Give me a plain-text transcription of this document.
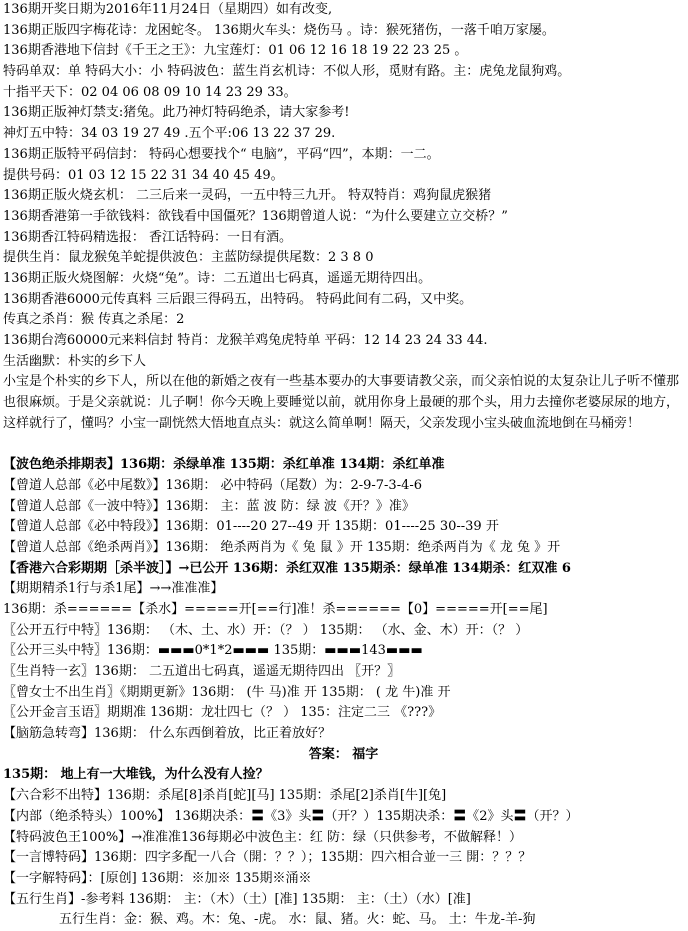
136期开奖日期为2016年11月24日（星期四）如有改变,
136期正版四字梅花诗：龙困蛇冬。 136期火车头：烧伤马 。诗：猴死猪伤，一落千咱万家屡。
136期香港地下信封《千王之王》：九宝莲灯：01 06 12 16 18 19 22 23 25 。
特码单双：单 特码大小：小 特码波色：蓝生肖玄机诗：不似人形，觅财有路。主：虎兔龙鼠狗鸡。
十指平天下：02 04 06 08 09 10 14 23 29 33。
136期正版神灯禁支:猪兔。此乃神灯特码绝杀，请大家参考!
神灯五中特：34 03 19 27 49 .五个平:06 13 22 37 29.
136期正版特平码信封： 特码心想要找个“ 电脑”，平码“四”，本期：一二。
提供号码：01 03 12 15 22 31 34 40 45 49。
136期正版火烧玄机： 二三后来一灵码，一五中特三九开。 特双特肖：鸡狗鼠虎猴猪
136期香港第一手欲钱料：欲钱看中国僵死？136期曾道人说：“为什么要建立立交桥？”
136期香江特码精选报： 香江话特码：一日有酒。
提供生肖：鼠龙猴兔羊蛇提供波色：主蓝防绿提供尾数：2 3 8 0
136期正版火烧图解：火烧“兔”。诗：二五道出七码真，遥遥无期待四出。
136期香港6000元传真料 三后跟三得码五，出特码。 特码此间有二码，又中奖。
传真之杀肖：猴 传真之杀尾：2
136期台湾60000元来料信封 特肖：龙猴羊鸡兔虎特单 平码：12 14 23 24 33 44.
生活幽默：朴实的乡下人
小宝是个朴实的乡下人，所以在他的新婚之夜有一些基本要办的大事要请教父亲，而父亲怕说的太复杂让儿子听不懂那也很麻烦。于是父亲就说：儿子啊！你今天晚上要睡觉以前，就用你身上最硬的那个头，用力去撞你老婆尿尿的地方，这样就行了，懂吗？小宝一副恍然大悟地直点头：就这么简单啊！隔天，父亲发现小宝头破血流地倒在马桶旁！
【波色绝杀排期表】136期：杀绿单准 135期：杀红单准 134期：杀红单准
【曾道人总部《必中尾数》】136期： 必中特码（尾数）为：2-9-7-3-4-6
【曾道人总部《一波中特》】136期： 主：蓝 波 防：绿 波《开？》准》
【曾道人总部《必中特段》】136期：01----20 27--49 开 135期：01----25 30--39 开
【曾道人总部《绝杀两肖》】136期： 绝杀两肖为《 兔 鼠 》开 135期：绝杀两肖为《 龙 兔 》开
【香港六合彩期期［杀半波］】→已公开 136期：杀红双准 135期杀：绿单准 134期杀：红双准 6
【期期精杀1行与杀1尾】→→准准准】
136期：杀======【杀水】=====开[==行]准！杀======【0】=====开[==尾]
〖公开五行中特〗136期： （木、土、水）开：（？ ） 135期： （水、金、木）开：（？ ）
〖公开三头中特〗136期：▬▬▬0*1*2▬▬▬ 135期：▬▬▬143▬▬▬
〖生肖特一玄〗136期： 二五道出七码真，遥遥无期待四出 〖开？〗
〖曾女士不出生肖〗《期期更新》136期： (牛 马)准 开 135期： ( 龙 牛)准 开
〖公开金言玉语〗期期准 136期：龙壮四七（？ ） 135：注定二三 《???》
【脑筋急转弯】136期： 什么东西倒着放，比正着放好？
答案： 福字
135期： 地上有一大堆钱，为什么没有人捡？
【六合彩不出特】136期：杀尾[8]杀肖[蛇][马] 135期：杀尾[2]杀肖[牛][兔]
【内部（绝杀特头）100%】 136期决杀：〓《3》头〓（开？）135期决杀：〓《2》头〓（开？）
【特码波色王100%】→准准准136每期必中波色主：红 防：绿（只供参考，不做解释！）
【一言博特码】136期：四字多配一八合（開：？？）；135期：四六相合並一三 開：？？？
【一字解特码】：[原创] 136期：※加※ 135期※涌※
【五行生肖】-参考料 136期： 主：（木）（土）[准] 135期： 主：（土）（水）[准]
五行生肖：金：猴、鸡。木：兔、-虎。 水：鼠、猪。火：蛇、马。 土：牛龙-羊-狗
